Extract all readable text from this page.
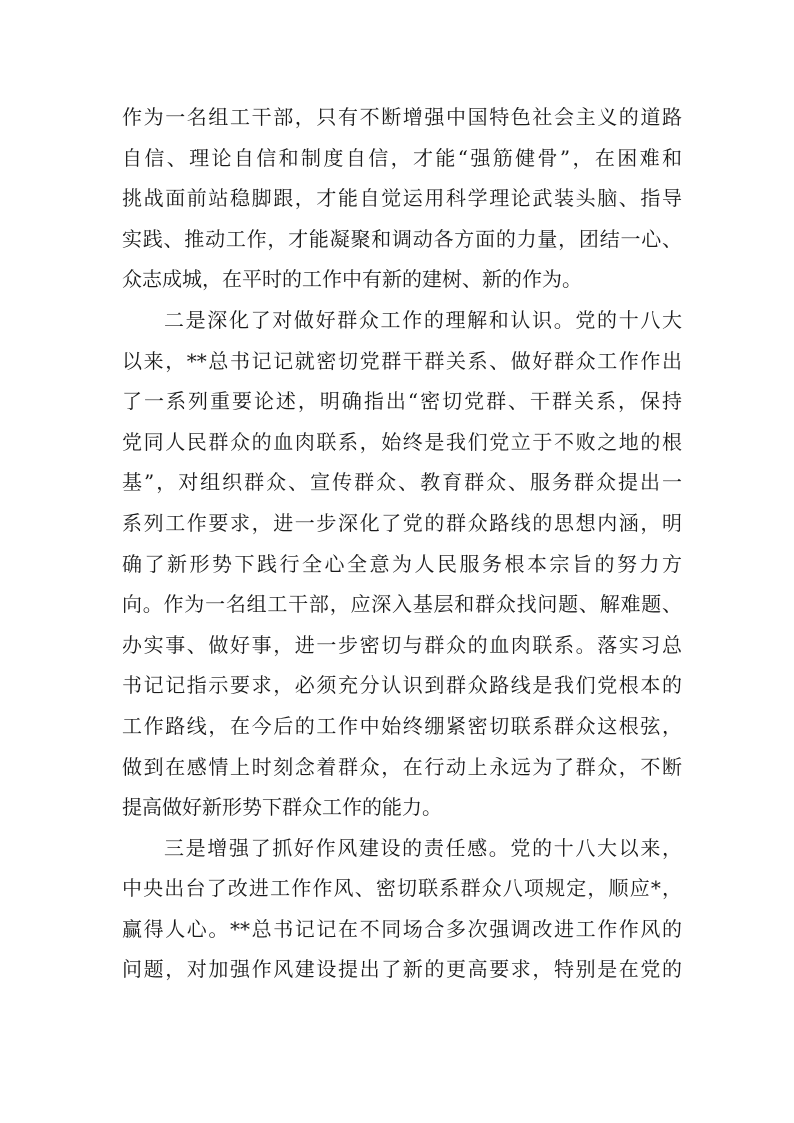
作为一名组工干部，只有不断增强中国特色社会主义的道路
自信、理论自信和制度自信，才能“强筋健骨”，在困难和
挑战面前站稳脚跟，才能自觉运用科学理论武装头脑、指导
实践、推动工作，才能凝聚和调动各方面的力量，团结一心、
众志成城，在平时的工作中有新的建树、新的作为。
二是深化了对做好群众工作的理解和认识。党的十八大
以来，**总书记记就密切党群干群关系、做好群众工作作出
了一系列重要论述，明确指出“密切党群、干群关系，保持
党同人民群众的血肉联系，始终是我们党立于不败之地的根
基”，对组织群众、宣传群众、教育群众、服务群众提出一
系列工作要求，进一步深化了党的群众路线的思想内涵，明
确了新形势下践行全心全意为人民服务根本宗旨的努力方
向。作为一名组工干部，应深入基层和群众找问题、解难题、
办实事、做好事，进一步密切与群众的血肉联系。落实习总
书记记指示要求，必须充分认识到群众路线是我们党根本的
工作路线，在今后的工作中始终绷紧密切联系群众这根弦，
做到在感情上时刻念着群众，在行动上永远为了群众，不断
提高做好新形势下群众工作的能力。
三是增强了抓好作风建设的责任感。党的十八大以来，
中央出台了改进工作作风、密切联系群众八项规定，顺应*，
赢得人心。**总书记记在不同场合多次强调改进工作作风的
问题，对加强作风建设提出了新的更高要求，特别是在党的
